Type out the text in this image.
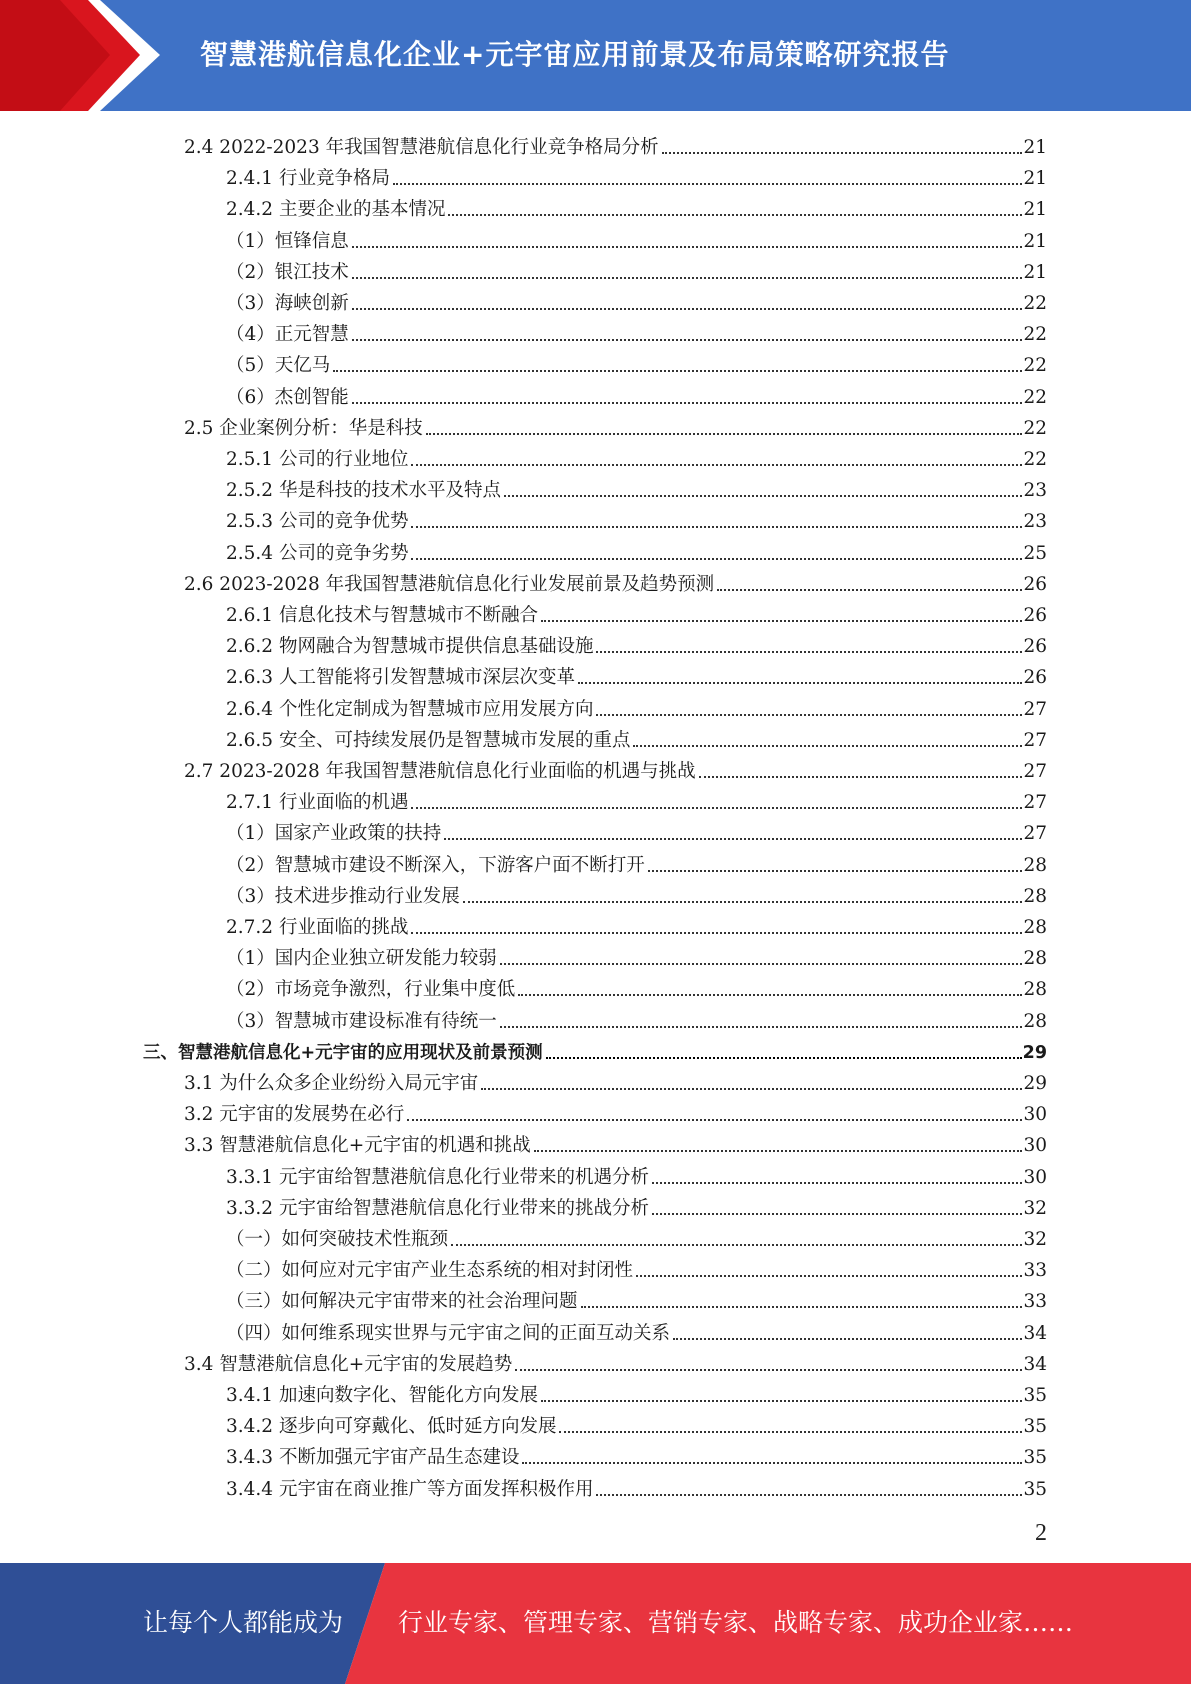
智慧港航信息化企业+元宇宙应用前景及布局策略研究报告
2.4 2022-2023 年我国智慧港航信息化行业竞争格局分析	21
2.4.1 行业竞争格局	21
2.4.2 主要企业的基本情况	21
（1）恒锋信息	21
（2）银江技术	21
（3）海峡创新	22
（4）正元智慧	22
（5）天亿马	22
（6）杰创智能	22
2.5 企业案例分析：华是科技	22
2.5.1 公司的行业地位	22
2.5.2 华是科技的技术水平及特点	23
2.5.3 公司的竞争优势	23
2.5.4 公司的竞争劣势	25
2.6 2023-2028 年我国智慧港航信息化行业发展前景及趋势预测	26
2.6.1 信息化技术与智慧城市不断融合	26
2.6.2 物网融合为智慧城市提供信息基础设施	26
2.6.3 人工智能将引发智慧城市深层次变革	26
2.6.4 个性化定制成为智慧城市应用发展方向	27
2.6.5 安全、可持续发展仍是智慧城市发展的重点	27
2.7 2023-2028 年我国智慧港航信息化行业面临的机遇与挑战	27
2.7.1 行业面临的机遇	27
（1）国家产业政策的扶持	27
（2）智慧城市建设不断深入，下游客户面不断打开	28
（3）技术进步推动行业发展	28
2.7.2 行业面临的挑战	28
（1）国内企业独立研发能力较弱	28
（2）市场竞争激烈，行业集中度低	28
（3）智慧城市建设标准有待统一	28
三、智慧港航信息化+元宇宙的应用现状及前景预测	29
3.1 为什么众多企业纷纷入局元宇宙	29
3.2 元宇宙的发展势在必行	30
3.3 智慧港航信息化+元宇宙的机遇和挑战	30
3.3.1 元宇宙给智慧港航信息化行业带来的机遇分析	30
3.3.2 元宇宙给智慧港航信息化行业带来的挑战分析	32
（一）如何突破技术性瓶颈	32
（二）如何应对元宇宙产业生态系统的相对封闭性	33
（三）如何解决元宇宙带来的社会治理问题	33
（四）如何维系现实世界与元宇宙之间的正面互动关系	34
3.4 智慧港航信息化+元宇宙的发展趋势	34
3.4.1 加速向数字化、智能化方向发展	35
3.4.2 逐步向可穿戴化、低时延方向发展	35
3.4.3 不断加强元宇宙产品生态建设	35
3.4.4 元宇宙在商业推广等方面发挥积极作用	35
2
让每个人都能成为 行业专家、管理专家、营销专家、战略专家、成功企业家……
